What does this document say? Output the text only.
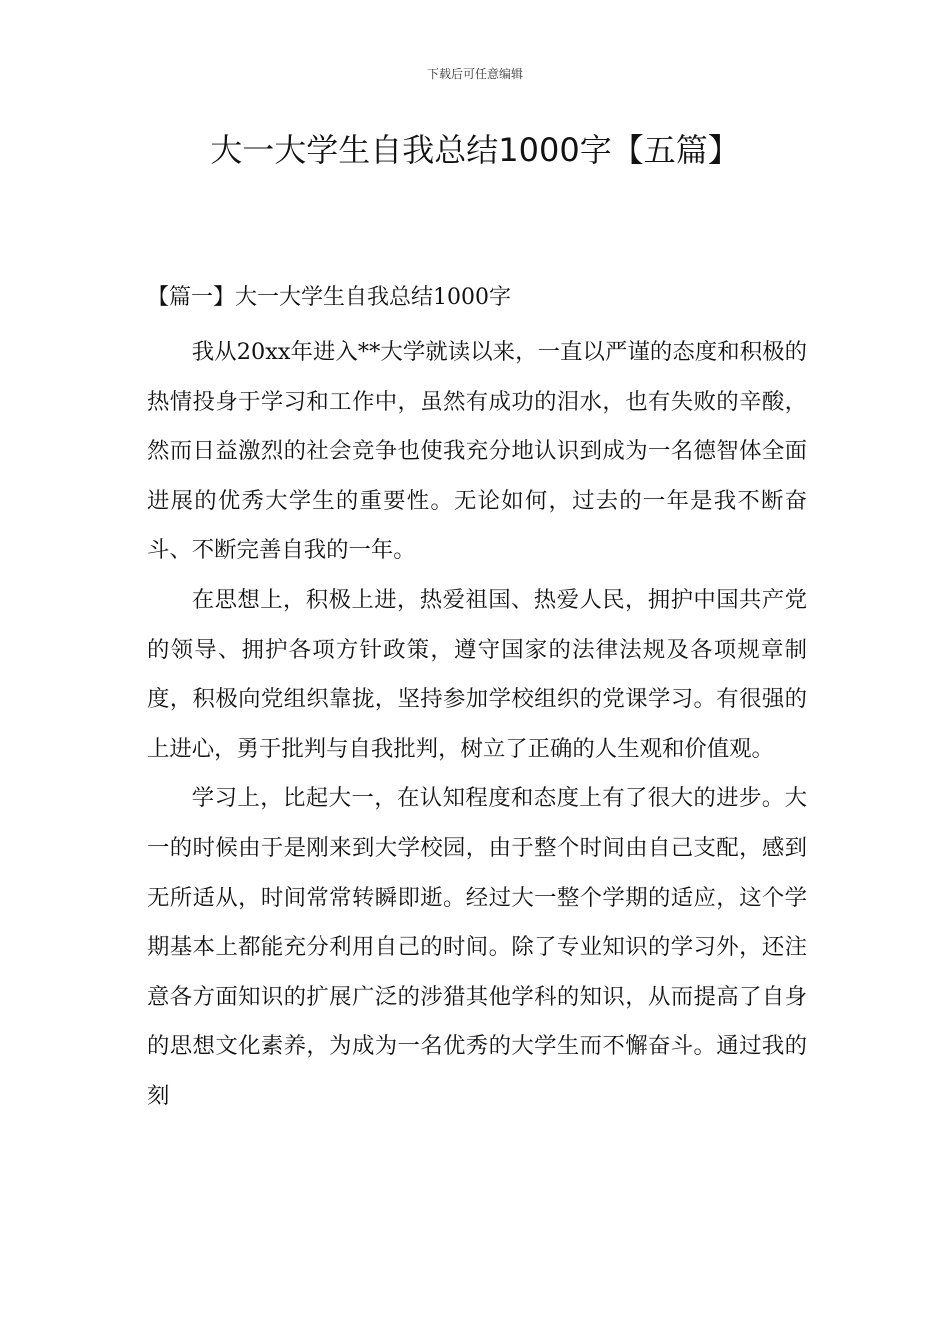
下载后可任意编辑
大一大学生自我总结1000字【五篇】
【篇一】大一大学生自我总结1000字

我从20xx年进入**大学就读以来，一直以严谨的态度和积极的热情投身于学习和工作中，虽然有成功的泪水，也有失败的辛酸，然而日益激烈的社会竞争也使我充分地认识到成为一名德智体全面进展的优秀大学生的重要性。无论如何，过去的一年是我不断奋斗、不断完善自我的一年。

在思想上，积极上进，热爱祖国、热爱人民，拥护中国共产党的领导、拥护各项方针政策，遵守国家的法律法规及各项规章制度，积极向党组织靠拢，坚持参加学校组织的党课学习。有很强的上进心，勇于批判与自我批判，树立了正确的人生观和价值观。

学习上，比起大一，在认知程度和态度上有了很大的进步。大一的时候由于是刚来到大学校园，由于整个时间由自己支配，感到无所适从，时间常常转瞬即逝。经过大一整个学期的适应，这个学期基本上都能充分利用自己的时间。除了专业知识的学习外，还注意各方面知识的扩展广泛的涉猎其他学科的知识，从而提高了自身的思想文化素养，为成为一名优秀的大学生而不懈奋斗。通过我的刻
